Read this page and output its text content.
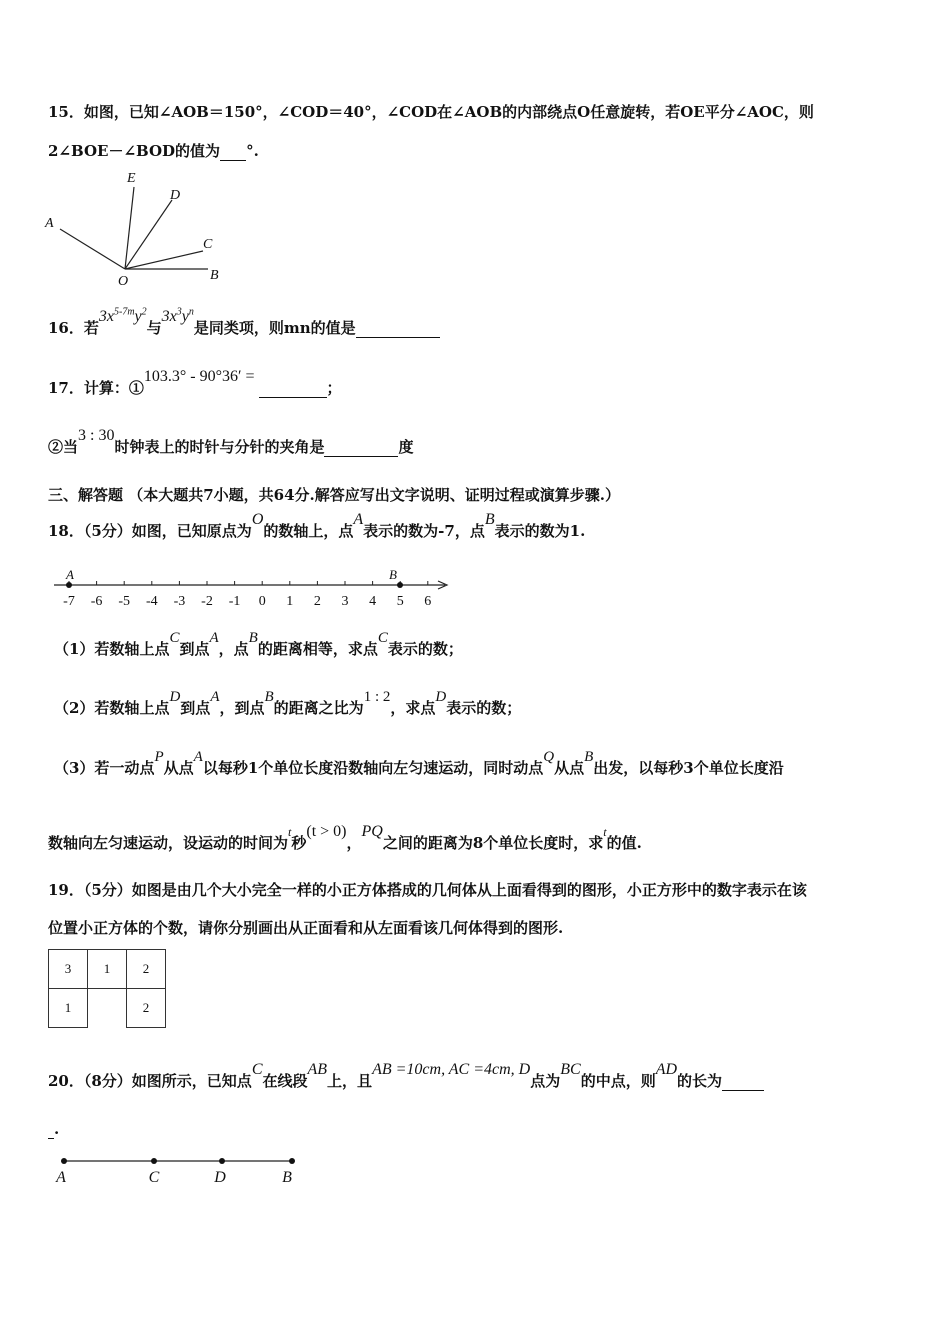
15．如图，已知∠AOB＝150°，∠COD＝40°，∠COD在∠AOB的内部绕点O任意旋转，若OE平分∠AOC，则
2∠BOE－∠BOD的值为 °.
A
E
D
C
B
O
16．若$3x^{5-7m}y^2$与$3x^3y^n$是同类项，则mn的值是
17．计算：①103.3° - 90°36′ = ；
②当3 : 30时钟表上的时针与分针的夹角是	度
三、解答题 （本大题共7小题，共64分.解答应写出文字说明、证明过程或演算步骤.）
18．（5分）如图，已知原点为O的数轴上，点A表示的数为-7，点B表示的数为1.
-7 -6 -5 -4 -3 -2 -1 0 1 2 3 4 5 6
A	B
（1）若数轴上点C到点A，点B的距离相等，求点C表示的数；
（2）若数轴上点D到点A，到点B的距离之比为1 : 2，求点D表示的数；
（3）若一动点P从点A以每秒1个单位长度沿数轴向左匀速运动，同时动点Q从点B出发，以每秒3个单位长度沿
数轴向左匀速运动，设运动的时间为$^t$秒(t > 0)，PQ之间的距离为8个单位长度时，求$^t$的值.
19．（5分）如图是由几个大小完全一样的小正方体搭成的几何体从上面看得到的图形，小正方形中的数字表示在该
位置小正方体的个数，请你分别画出从正面看和从左面看该几何体得到的图形.
3	1	2
1		2
20．（8分）如图所示，已知点C在线段AB上，且AB =10cm, AC =4cm, D点为BC的中点，则AD的长为
.
A	C	D	B
